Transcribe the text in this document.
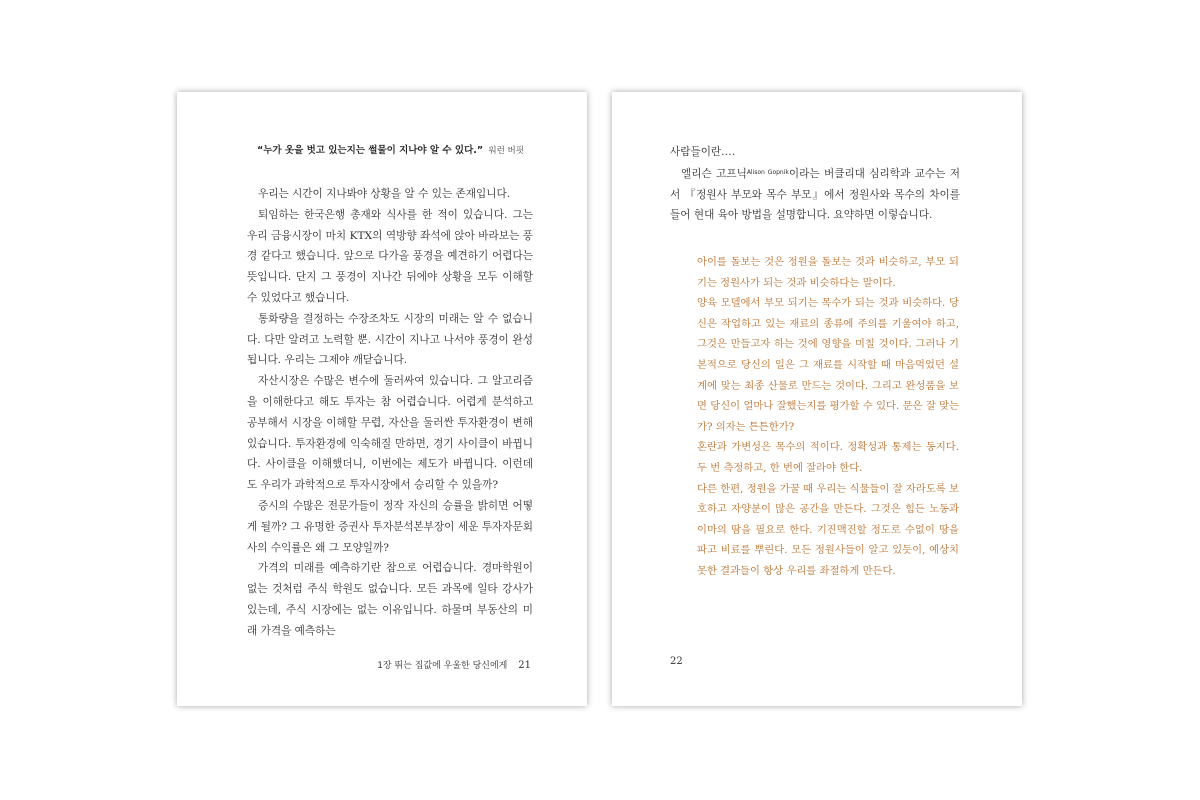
“누가 옷을 벗고 있는지는 썰물이 지나야 알 수 있다.” 워런 버핏

우리는 시간이 지나봐야 상황을 알 수 있는 존재입니다.

퇴임하는 한국은행 총재와 식사를 한 적이 있습니다. 그는 우리 금융시장이 마치 KTX의 역방향 좌석에 앉아 바라보는 풍경 같다고 했습니다. 앞으로 다가올 풍경을 예견하기 어렵다는 뜻입니다. 단지 그 풍경이 지나간 뒤에야 상황을 모두 이해할 수 있었다고 했습니다.

통화량을 결정하는 수장조차도 시장의 미래는 알 수 없습니다. 다만 알려고 노력할 뿐. 시간이 지나고 나서야 풍경이 완성됩니다. 우리는 그제야 깨닫습니다.

자산시장은 수많은 변수에 둘러싸여 있습니다. 그 알고리즘을 이해한다고 해도 투자는 참 어렵습니다. 어렵게 분석하고 공부해서 시장을 이해할 무렵, 자산을 둘러싼 투자환경이 변해 있습니다. 투자환경에 익숙해질 만하면, 경기 사이클이 바뀝니다. 사이클을 이해했더니, 이번에는 제도가 바뀝니다. 이런데도 우리가 과학적으로 투자시장에서 승리할 수 있을까?

증시의 수많은 전문가들이 정작 자신의 승률을 밝히면 어떻게 될까? 그 유명한 증권사 투자분석본부장이 세운 투자자문회사의 수익률은 왜 그 모양일까?

가격의 미래를 예측하기란 참으로 어렵습니다. 경마학원이 없는 것처럼 주식 학원도 없습니다. 모든 과목에 일타 강사가 있는데, 주식 시장에는 없는 이유입니다. 하물며 부동산의 미래 가격을 예측하는

1장 뛰는 집값에 우울한 당신에게 21

사람들이란….

엘리슨 고프닉$^{Alison Gopnik}$이라는 버클리대 심리학과 교수는 저서 『정원사 부모와 목수 부모』에서 정원사와 목수의 차이를 들어 현대 육아 방법을 설명합니다. 요약하면 이렇습니다.

아이를 돌보는 것은 정원을 돌보는 것과 비슷하고, 부모 되기는 정원사가 되는 것과 비슷하다는 말이다.

양육 모델에서 부모 되기는 목수가 되는 것과 비슷하다. 당신은 작업하고 있는 재료의 종류에 주의를 기울여야 하고, 그것은 만들고자 하는 것에 영향을 미칠 것이다. 그러나 기본적으로 당신의 일은 그 재료를 시작할 때 마음먹었던 설계에 맞는 최종 산물로 만드는 것이다. 그리고 완성품을 보면 당신이 얼마나 잘했는지를 평가할 수 있다. 문은 잘 맞는가? 의자는 튼튼한가?

혼란과 가변성은 목수의 적이다. 정확성과 통제는 동지다. 두 번 측정하고, 한 번에 잘라야 한다.

다른 한편, 정원을 가꿀 때 우리는 식물들이 잘 자라도록 보호하고 자양분이 많은 공간을 만든다. 그것은 힘든 노동과 이마의 땀을 필요로 한다. 기진맥진할 정도로 수없이 땅을 파고 비료를 뿌린다. 모든 정원사들이 알고 있듯이, 예상치 못한 결과들이 항상 우리를 좌절하게 만든다.

22
